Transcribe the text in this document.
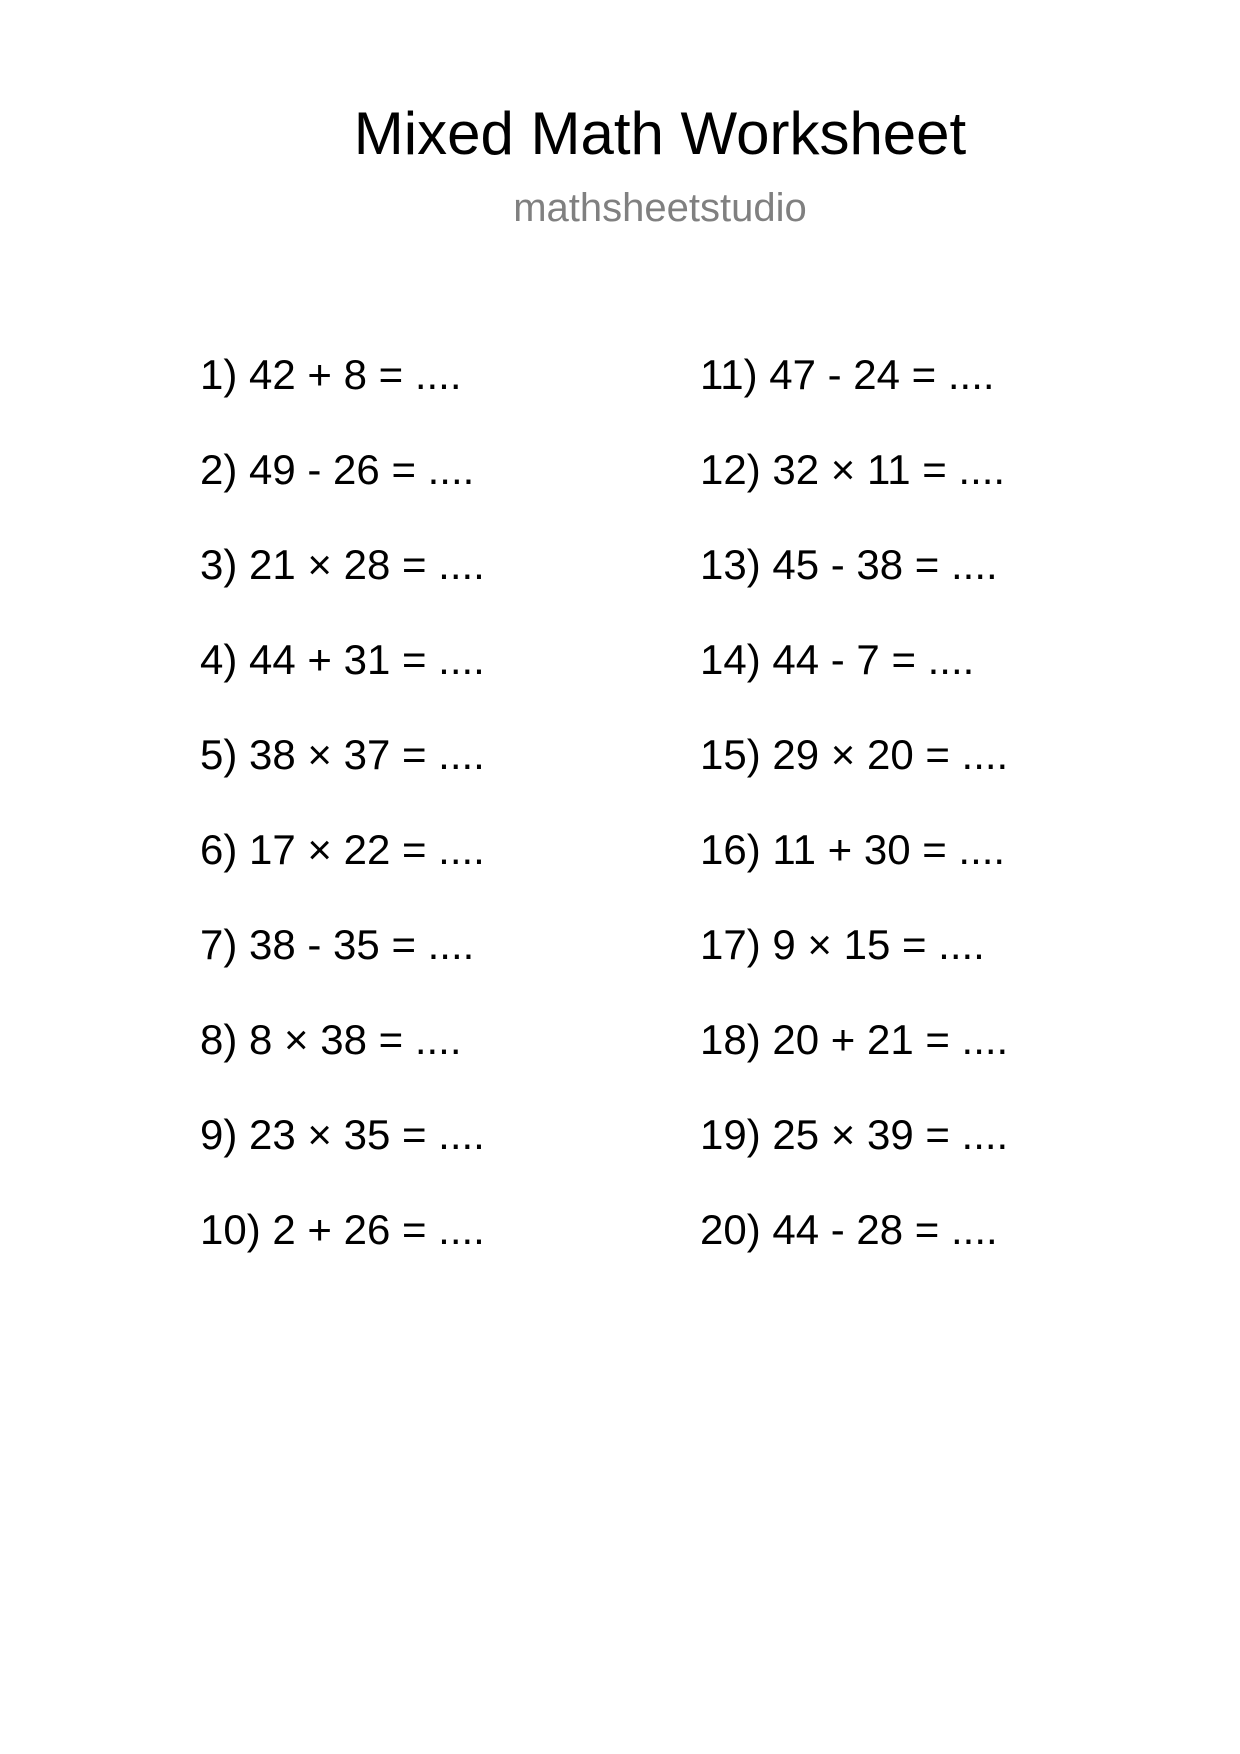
Mixed Math Worksheet
mathsheetstudio
1) 42 + 8 = ....
2) 49 - 26 = ....
3) 21 × 28 = ....
4) 44 + 31 = ....
5) 38 × 37 = ....
6) 17 × 22 = ....
7) 38 - 35 = ....
8) 8 × 38 = ....
9) 23 × 35 = ....
10) 2 + 26 = ....
11) 47 - 24 = ....
12) 32 × 11 = ....
13) 45 - 38 = ....
14) 44 - 7 = ....
15) 29 × 20 = ....
16) 11 + 30 = ....
17) 9 × 15 = ....
18) 20 + 21 = ....
19) 25 × 39 = ....
20) 44 - 28 = ....
